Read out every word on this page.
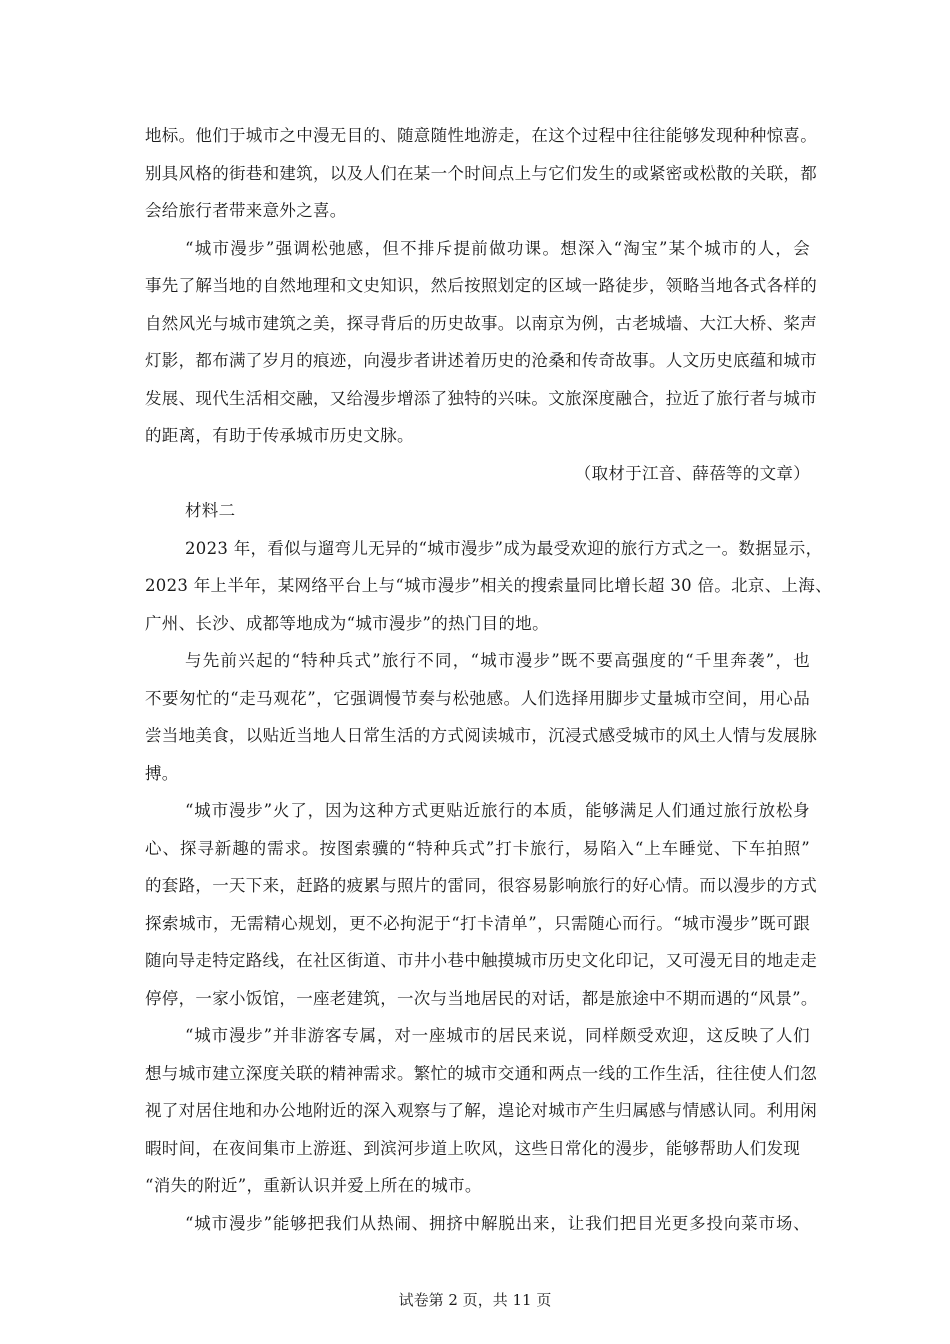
地标。他们于城市之中漫无目的、随意随性地游走，在这个过程中往往能够发现种种惊喜。
别具风格的街巷和建筑，以及人们在某一个时间点上与它们发生的或紧密或松散的关联，都
会给旅行者带来意外之喜。
“城市漫步”强调松弛感，但不排斥提前做功课。想深入“淘宝”某个城市的人，会
事先了解当地的自然地理和文史知识，然后按照划定的区域一路徒步，领略当地各式各样的
自然风光与城市建筑之美，探寻背后的历史故事。以南京为例，古老城墙、大江大桥、桨声
灯影，都布满了岁月的痕迹，向漫步者讲述着历史的沧桑和传奇故事。人文历史底蕴和城市
发展、现代生活相交融，又给漫步增添了独特的兴味。文旅深度融合，拉近了旅行者与城市
的距离，有助于传承城市历史文脉。
（取材于江音、薛蓓等的文章）
材料二
2023 年，看似与遛弯儿无异的“城市漫步”成为最受欢迎的旅行方式之一。数据显示，
2023 年上半年，某网络平台上与“城市漫步”相关的搜索量同比增长超 30 倍。北京、上海、
广州、长沙、成都等地成为“城市漫步”的热门目的地。
与先前兴起的“特种兵式”旅行不同，“城市漫步”既不要高强度的“千里奔袭”，也
不要匆忙的“走马观花”，它强调慢节奏与松弛感。人们选择用脚步丈量城市空间，用心品
尝当地美食，以贴近当地人日常生活的方式阅读城市，沉浸式感受城市的风土人情与发展脉
搏。
“城市漫步”火了，因为这种方式更贴近旅行的本质，能够满足人们通过旅行放松身
心、探寻新趣的需求。按图索骥的“特种兵式”打卡旅行，易陷入“上车睡觉、下车拍照”
的套路，一天下来，赶路的疲累与照片的雷同，很容易影响旅行的好心情。而以漫步的方式
探索城市，无需精心规划，更不必拘泥于“打卡清单”，只需随心而行。“城市漫步”既可跟
随向导走特定路线，在社区街道、市井小巷中触摸城市历史文化印记，又可漫无目的地走走
停停，一家小饭馆，一座老建筑，一次与当地居民的对话，都是旅途中不期而遇的“风景”。
“城市漫步”并非游客专属，对一座城市的居民来说，同样颇受欢迎，这反映了人们
想与城市建立深度关联的精神需求。繁忙的城市交通和两点一线的工作生活，往往使人们忽
视了对居住地和办公地附近的深入观察与了解，遑论对城市产生归属感与情感认同。利用闲
暇时间，在夜间集市上游逛、到滨河步道上吹风，这些日常化的漫步，能够帮助人们发现
“消失的附近”，重新认识并爱上所在的城市。
“城市漫步”能够把我们从热闹、拥挤中解脱出来，让我们把目光更多投向菜市场、
试卷第 2 页，共 11 页
